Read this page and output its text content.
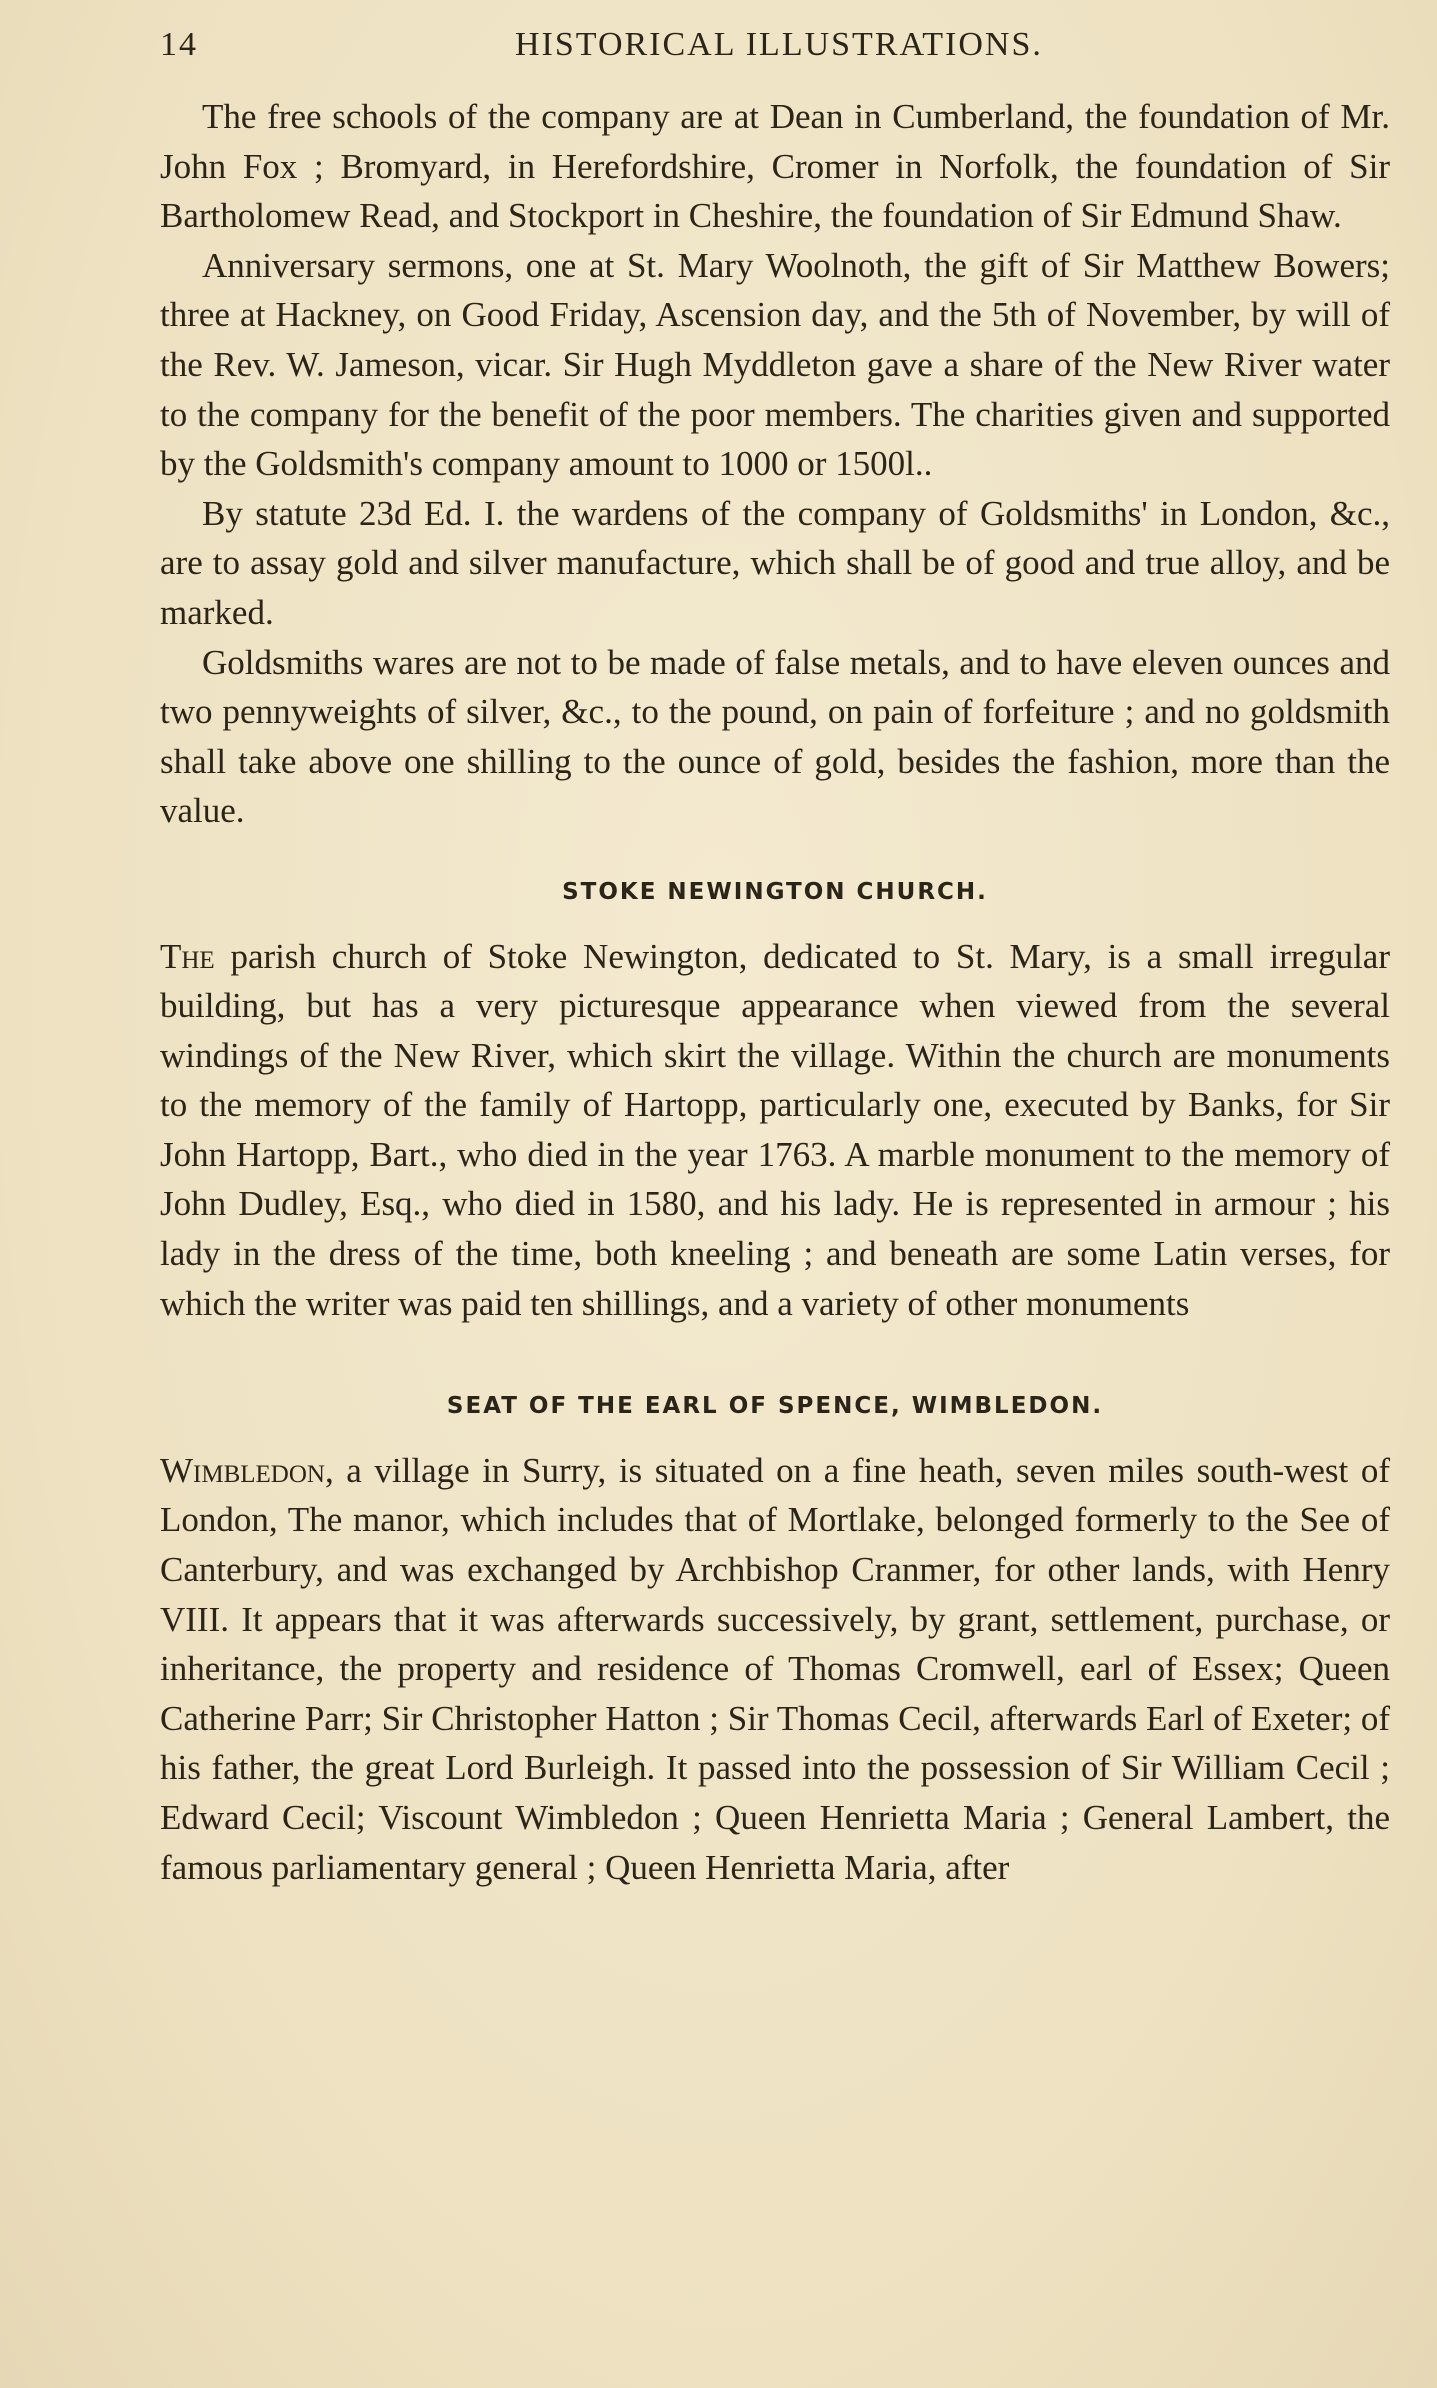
14	HISTORICAL ILLUSTRATIONS.

The free schools of the company are at Dean in Cumberland, the foundation of Mr. John Fox ; Bromyard, in Herefordshire, Cromer in Norfolk, the foundation of Sir Bartholomew Read, and Stockport in Cheshire, the foundation of Sir Edmund Shaw.

Anniversary sermons, one at St. Mary Woolnoth, the gift of Sir Matthew Bowers; three at Hackney, on Good Friday, Ascension day, and the 5th of November, by will of the Rev. W. Jameson, vicar. Sir Hugh Myddleton gave a share of the New River water to the company for the benefit of the poor members. The charities given and supported by the Goldsmith's company amount to 1000 or 1500l..

By statute 23d Ed. I. the wardens of the company of Goldsmiths' in London, &c., are to assay gold and silver manufacture, which shall be of good and true alloy, and be marked.

Goldsmiths wares are not to be made of false metals, and to have eleven ounces and two pennyweights of silver, &c., to the pound, on pain of forfeiture ; and no goldsmith shall take above one shilling to the ounce of gold, besides the fashion, more than the value.

STOKE NEWINGTON CHURCH.

The parish church of Stoke Newington, dedicated to St. Mary, is a small irregular building, but has a very picturesque appearance when viewed from the several windings of the New River, which skirt the village. Within the church are monuments to the memory of the family of Hartopp, particularly one, executed by Banks, for Sir John Hartopp, Bart., who died in the year 1763. A marble monument to the memory of John Dudley, Esq., who died in 1580, and his lady. He is represented in armour ; his lady in the dress of the time, both kneeling ; and beneath are some Latin verses, for which the writer was paid ten shillings, and a variety of other monuments

SEAT OF THE EARL OF SPENCE, WIMBLEDON.

Wimbledon, a village in Surry, is situated on a fine heath, seven miles south-west of London, The manor, which includes that of Mortlake, belonged formerly to the See of Canterbury, and was exchanged by Archbishop Cranmer, for other lands, with Henry VIII. It appears that it was afterwards successively, by grant, settlement, purchase, or inheritance, the property and residence of Thomas Cromwell, earl of Essex; Queen Catherine Parr; Sir Christopher Hatton ; Sir Thomas Cecil, afterwards Earl of Exeter; of his father, the great Lord Burleigh. It passed into the possession of Sir William Cecil ; Edward Cecil; Viscount Wimbledon ; Queen Henrietta Maria ; General Lambert, the famous parliamentary general ; Queen Henrietta Maria, after
